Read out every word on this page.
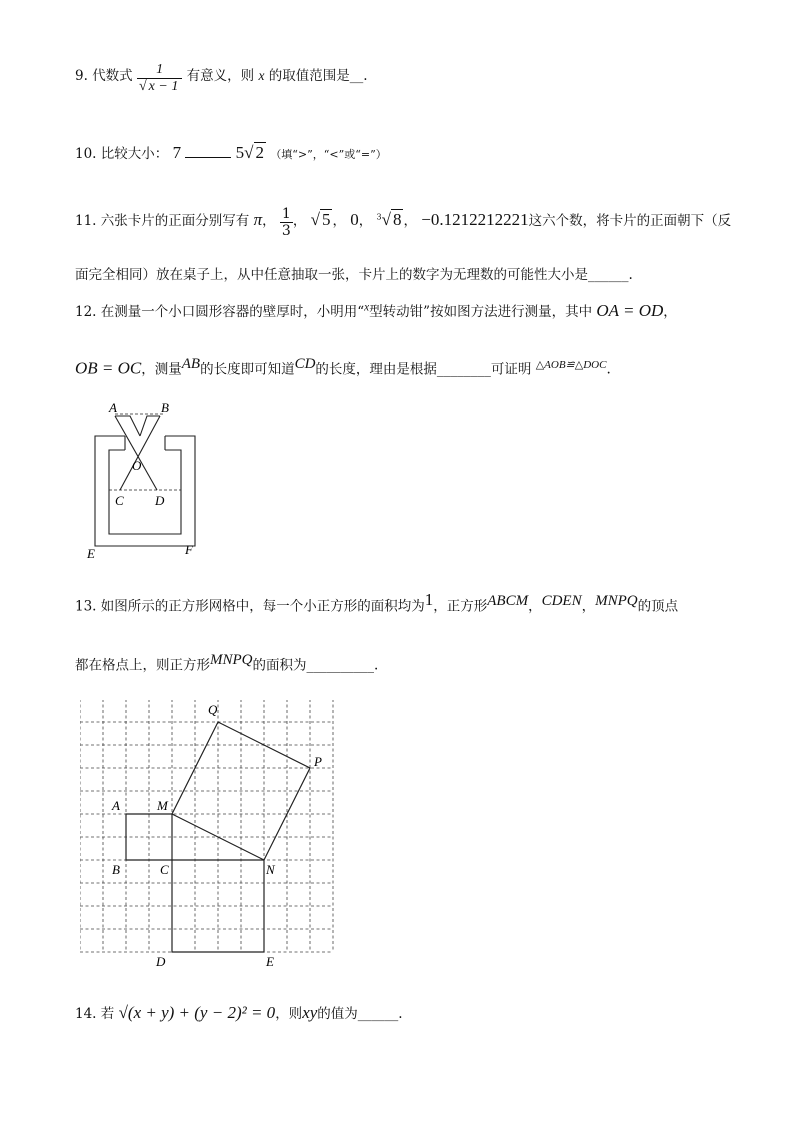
9. 代数式 $\frac{1}{√ x - 1}$ 有意义，则 x 的取值范围是__.
10. 比较大小： 7	5√ 2 （填“>”，“<”或“=”）
11. 六张卡片的正面分别写有 π， $\frac{1}{3}$ ， √ 5 ， 0， $^3$√ 8 ， −0.1212212221这六个数，将卡片的正面朝下（反
面完全相同）放在桌子上，从中任意抽取一张，卡片上的数字为无理数的可能性大小是______.
12. 在测量一个小口圆形容器的壁厚时，小明用“$^x$型转动钳”按如图方法进行测量，其中 OA = OD，
OB = OC，测量$^{AB}$的长度即可知道$^{CD}$的长度，理由是根据________可证明 $^{\triangle AOB≌\triangle DOC}$.
A	B
O
C D
E	F
13. 如图所示的正方形网格中，每一个小正方形的面积均为$^1$，正方形$^{ABCM}$，$^{CDEN}$，$^{MNPQ}$的顶点
都在格点上，则正方形$^{MNPQ}$的面积为__________.
Q
P
A	M
B	C	N
D	E
14. 若 √(x + y) + (y − 2)² = 0，则xy的值为______.
